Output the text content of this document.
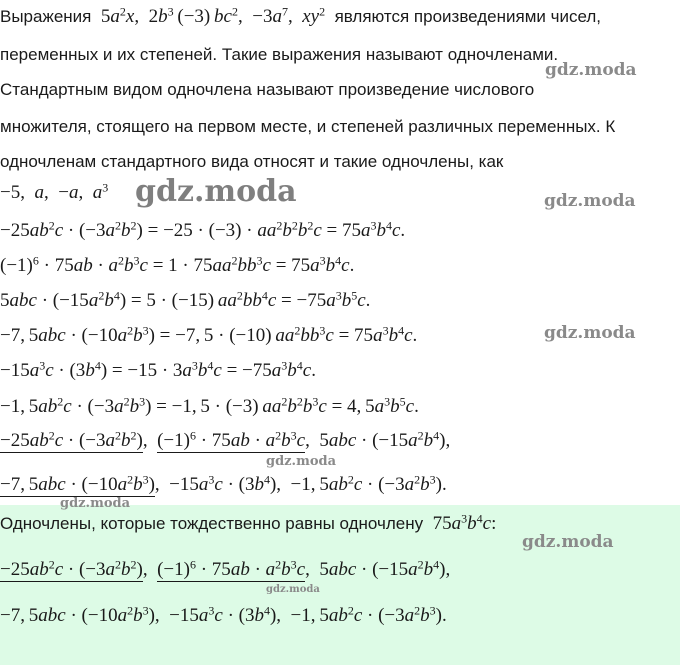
Выражения  $5a^2x$,  $2b^3$ (−3) $bc^2$,  $-3a^7$,  $xy^2$ являются произведениями чисел,

переменных и их степеней. Такие выражения называют одночленами.

Стандартным видом одночлена называют произведение числового

множителя, стоящего на первом месте, и степеней различных переменных. К

одночленам стандартного вида относят и такие одночлены, как

−5,  a,  −a,  $a^3$
$-25ab^2c \cdot (-3a^2b^2) = -25 \cdot (-3) \cdot aa^2b^2b^2c = 75a^3b^4c$.
$(-1)^6 \cdot 75ab \cdot a^2b^3c = 1 \cdot 75aa^2bb^3c = 75a^3b^4c$.
$5abc \cdot (-15a^2b^4) = 5 \cdot (-15) aa^2bb^4c = -75a^3b^5c$.
−7, $5abc \cdot (-10a^2b^3) = -7$, 5 · (−10) $aa^2bb^3c = 75a^3b^4c$.
$-15a^3c \cdot (3b^4) = -15 \cdot 3a^3b^4c = -75a^3b^4c$.
−1, $5ab^2c \cdot (-3a^2b^3) = -1$, 5 · (−3) $aa^2b^2b^3c = 4$, $5a^3b^5c$.
$-25ab^2c \cdot (-3a^2b^2)$,  $(-1)^6 \cdot 75ab \cdot a^2b^3c$,  $5abc \cdot (-15a^2b^4)$,
−7, $5abc \cdot (-10a^2b^3)$,  $-15a^3c \cdot (3b^4)$,  −1, $5ab^2c \cdot (-3a^2b^3)$.

Одночлены, которые тождественно равны одночлену  $75a^3b^4c$:

$-25ab^2c \cdot (-3a^2b^2)$,  $(-1)^6 \cdot 75ab \cdot a^2b^3c$,  $5abc \cdot (-15a^2b^4)$,
−7, $5abc \cdot (-10a^2b^3)$,  $-15a^3c \cdot (3b^4)$,  −1, $5ab^2c \cdot (-3a^2b^3)$.
gdz.moda
gdz.moda	gdz.moda
gdz.moda
gdz.moda
gdz.moda
gdz.moda
gdz.moda
